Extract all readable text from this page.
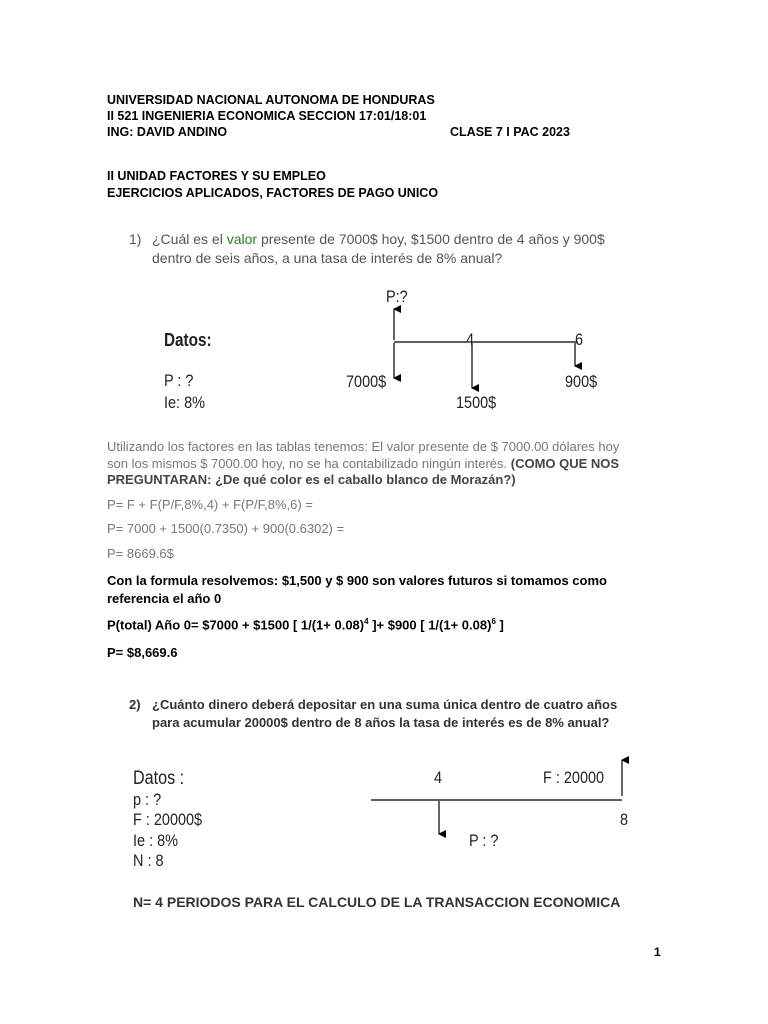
UNIVERSIDAD NACIONAL AUTONOMA DE HONDURAS
II 521 INGENIERIA ECONOMICA SECCION 17:01/18:01
ING: DAVID ANDINO	CLASE 7 I PAC 2023
II UNIDAD FACTORES Y SU EMPLEO
EJERCICIOS APLICADOS, FACTORES DE PAGO UNICO
1) ¿Cuál es el valor presente de 7000$ hoy, $1500 dentro de 4 años y 900$
dentro de seis años, a una tasa de interés de 8% anual?
Datos:
P : ?
Ie: 8%
P:?
4	6
7000$
1500$
900$
Utilizando los factores en las tablas tenemos: El valor presente de $ 7000.00 dólares hoy
son los mismos $ 7000.00 hoy, no se ha contabilizado ningún interés. (COMO QUE NOS
PREGUNTARAN: ¿De qué color es el caballo blanco de Morazán?)
P= F + F(P/F,8%,4) + F(P/F,8%,6) =
P= 7000 + 1500(0.7350) + 900(0.6302) =
P= 8669.6$
Con la formula resolvemos: $1,500 y $ 900 son valores futuros si tomamos como
referencia el año 0
P(total) Año 0= $7000 + $1500 [ $1/(1+ 0.08)^4$ ]+ $900 [ $1/(1+ 0.08)^6$ ]
P= $8,669.6
2) ¿Cuánto dinero deberá depositar en una suma única dentro de cuatro años
para acumular 20000$ dentro de 8 años la tasa de interés es de 8% anual?
Datos :
p : ?
F : 20000$
Ie : 8%
N : 8
4	F : 20000
8
P : ?
N= 4 PERIODOS PARA EL CALCULO DE LA TRANSACCION ECONOMICA
1
